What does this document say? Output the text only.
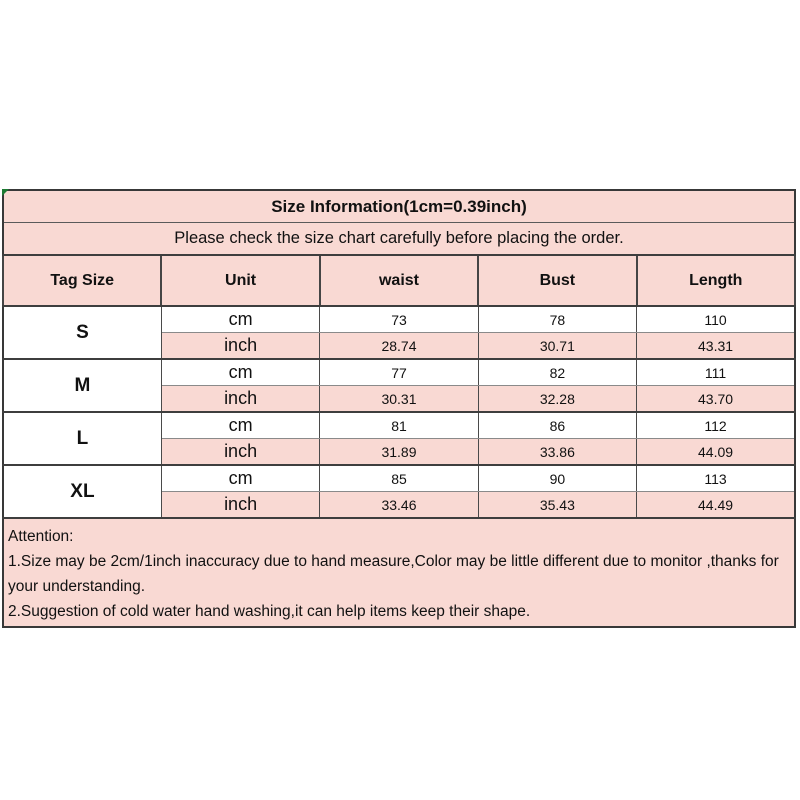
Size Information(1cm=0.39inch)				
Please check the size chart carefully before placing the order.				
Tag Size	Unit	waist	Bust	Length
S	cm	73	78	110
	inch	28.74	30.71	43.31
M	cm	77	82	111
	inch	30.31	32.28	43.70
L	cm	81	86	112
	inch	31.89	33.86	44.09
XL	cm	85	90	113
	inch	33.46	35.43	44.49

Attention:
1.Size may be 2cm/1inch inaccuracy due to hand measure,Color may be little different due to monitor ,thanks for your understanding.
2.Suggestion of cold water hand washing,it can help items keep their shape.				
